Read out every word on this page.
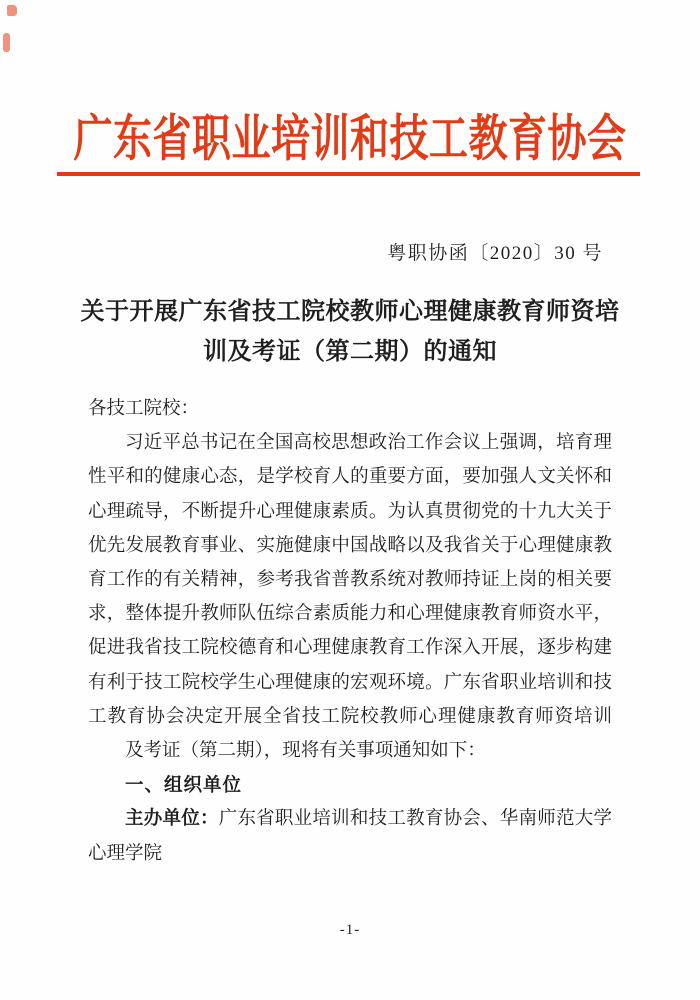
广东省职业培训和技工教育协会
粤职协函〔2020〕30 号
关于开展广东省技工院校教师心理健康教育师资培
训及考证（第二期）的通知
各技工院校：
习近平总书记在全国高校思想政治工作会议上强调，培育理
性平和的健康心态，是学校育人的重要方面，要加强人文关怀和
心理疏导，不断提升心理健康素质。为认真贯彻党的十九大关于
优先发展教育事业、实施健康中国战略以及我省关于心理健康教
育工作的有关精神，参考我省普教系统对教师持证上岗的相关要
求，整体提升教师队伍综合素质能力和心理健康教育师资水平，
促进我省技工院校德育和心理健康教育工作深入开展，逐步构建
有利于技工院校学生心理健康的宏观环境。广东省职业培训和技
工教育协会决定开展全省技工院校教师心理健康教育师资培训
及考证（第二期），现将有关事项通知如下：
一、组织单位
主办单位：广东省职业培训和技工教育协会、华南师范大学
心理学院
-1-
